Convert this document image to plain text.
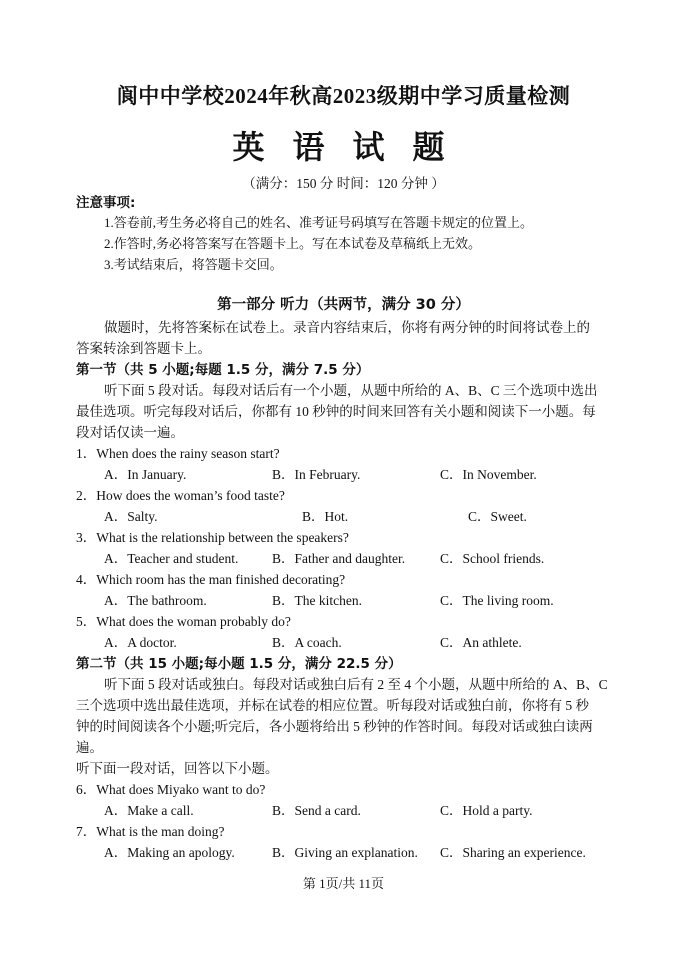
阆中中学校2024年秋高2023级期中学习质量检测
英 语 试 题
（满分：150 分 时间：120 分钟 ）
注意事项:
1.答卷前,考生务必将自己的姓名、准考证号码填写在答题卡规定的位置上。
2.作答时,务必将答案写在答题卡上。写在本试卷及草稿纸上无效。
3.考试结束后，将答题卡交回。
第一部分 听力（共两节，满分 30 分）
做题时，先将答案标在试卷上。录音内容结束后，你将有两分钟的时间将试卷上的
答案转涂到答题卡上。
第一节（共 5 小题;每题 1.5 分，满分 7.5 分）
听下面 5 段对话。每段对话后有一个小题，从题中所给的 A、B、C 三个选项中选出
最佳选项。听完每段对话后，你都有 10 秒钟的时间来回答有关小题和阅读下一小题。每
段对话仅读一遍。
1．When does the rainy season start?
A．In January.	B．In February.	C．In November.
2．How does the woman’s food taste?
A．Salty.	B．Hot.	C．Sweet.
3．What is the relationship between the speakers?
A．Teacher and student. B．Father and daughter.	C．School friends.
4．Which room has the man finished decorating?
A．The bathroom.	B．The kitchen.	C．The living room.
5．What does the woman probably do?
A．A doctor.	B．A coach.	C．An athlete.
第二节（共 15 小题;每小题 1.5 分，满分 22.5 分）
听下面 5 段对话或独白。每段对话或独白后有 2 至 4 个小题，从题中所给的 A、B、C
三个选项中选出最佳选项，并标在试卷的相应位置。听每段对话或独白前，你将有 5 秒
钟的时间阅读各个小题;听完后，各小题将给出 5 秒钟的作答时间。每段对话或独白读两
遍。
听下面一段对话，回答以下小题。
6．What does Miyako want to do?
A．Make a call.	B．Send a card.	C．Hold a party.
7．What is the man doing?
A．Making an apology.	B．Giving an explanation. C．Sharing an experience.
第 1页/共 11页
